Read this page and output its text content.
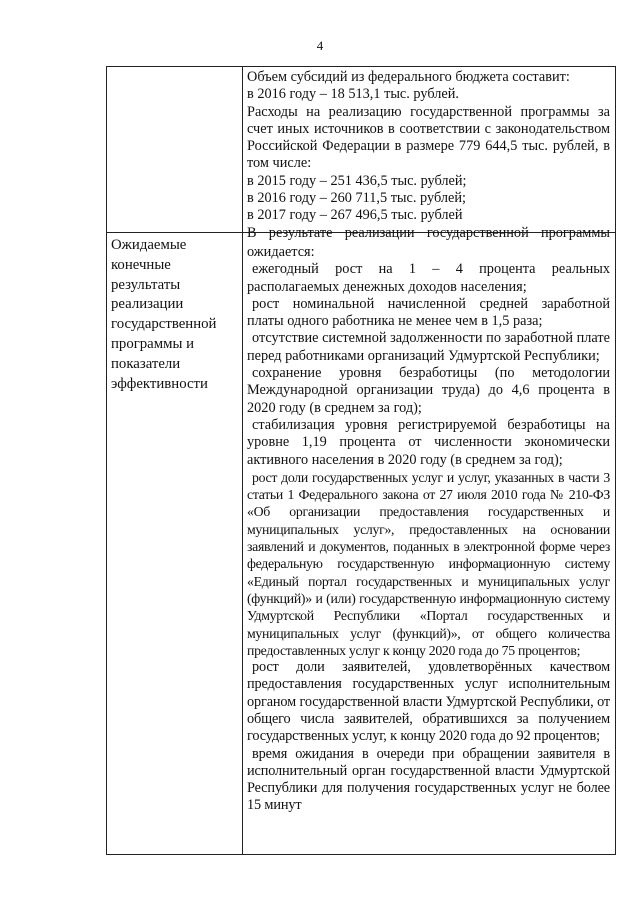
4
Ожидаемые
конечные
результаты
реализации
государственной
программы и
показатели
эффективности

Объем субсидий из федерального бюджета составит:

в 2016 году – 18 513,1 тыс. рублей.

Расходы на реализацию государственной программы за счет иных источников в соответствии с законодательством Российской Федерации в размере 779 644,5 тыс. рублей, в том числе:

в 2015 году – 251 436,5 тыс. рублей;

в 2016 году – 260 711,5 тыс. рублей;

в 2017 году – 267 496,5 тыс. рублей

В результате реализации государственной программы

ожидается:

ежегодный рост на 1 – 4 процента реальных располагаемых денежных доходов населения;

рост номинальной начисленной средней заработной платы одного работника не менее чем в 1,5 раза;

отсутствие системной задолженности по заработной плате перед работниками организаций Удмуртской Республики;

сохранение уровня безработицы (по методологии Международной организации труда) до 4,6 процента в 2020 году (в среднем за год);

стабилизация уровня регистрируемой безработицы на уровне 1,19 процента от численности экономически активного населения в 2020 году (в среднем за год);

рост доли государственных услуг и услуг, указанных в части 3 статьи 1 Федерального закона от 27 июля 2010 года № 210-ФЗ «Об организации предоставления государственных и муниципальных услуг», предоставленных на основании заявлений и документов, поданных в электронной форме через федеральную государственную информационную систему «Единый портал государственных и муниципальных услуг (функций)» и (или) государственную информационную систему Удмуртской Республики «Портал государственных и муниципальных услуг (функций)», от общего количества предоставленных услуг к концу 2020 года до 75 процентов;

рост доли заявителей, удовлетворённых качеством предоставления государственных услуг исполнительным органом государственной власти Удмуртской Республики, от общего числа заявителей, обратившихся за получением государственных услуг, к концу 2020 года до 92 процентов;

время ожидания в очереди при обращении заявителя в исполнительный орган государственной власти Удмуртской Республики для получения государственных услуг не более 15 минут
